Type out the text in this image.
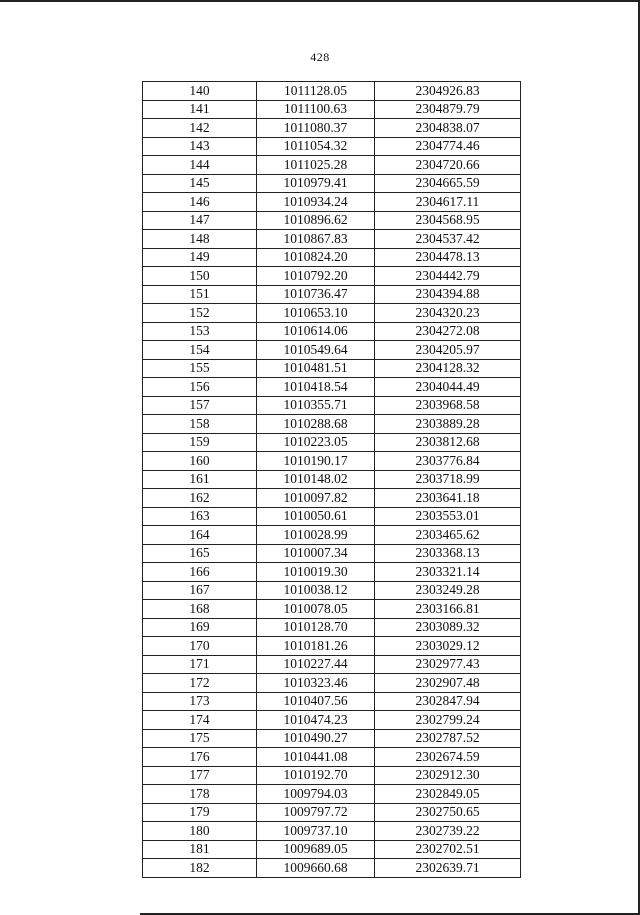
428
140	1011128.05	2304926.83
141	1011100.63	2304879.79
142	1011080.37	2304838.07
143	1011054.32	2304774.46
144	1011025.28	2304720.66
145	1010979.41	2304665.59
146	1010934.24	2304617.11
147	1010896.62	2304568.95
148	1010867.83	2304537.42
149	1010824.20	2304478.13
150	1010792.20	2304442.79
151	1010736.47	2304394.88
152	1010653.10	2304320.23
153	1010614.06	2304272.08
154	1010549.64	2304205.97
155	1010481.51	2304128.32
156	1010418.54	2304044.49
157	1010355.71	2303968.58
158	1010288.68	2303889.28
159	1010223.05	2303812.68
160	1010190.17	2303776.84
161	1010148.02	2303718.99
162	1010097.82	2303641.18
163	1010050.61	2303553.01
164	1010028.99	2303465.62
165	1010007.34	2303368.13
166	1010019.30	2303321.14
167	1010038.12	2303249.28
168	1010078.05	2303166.81
169	1010128.70	2303089.32
170	1010181.26	2303029.12
171	1010227.44	2302977.43
172	1010323.46	2302907.48
173	1010407.56	2302847.94
174	1010474.23	2302799.24
175	1010490.27	2302787.52
176	1010441.08	2302674.59
177	1010192.70	2302912.30
178	1009794.03	2302849.05
179	1009797.72	2302750.65
180	1009737.10	2302739.22
181	1009689.05	2302702.51
182	1009660.68	2302639.71
